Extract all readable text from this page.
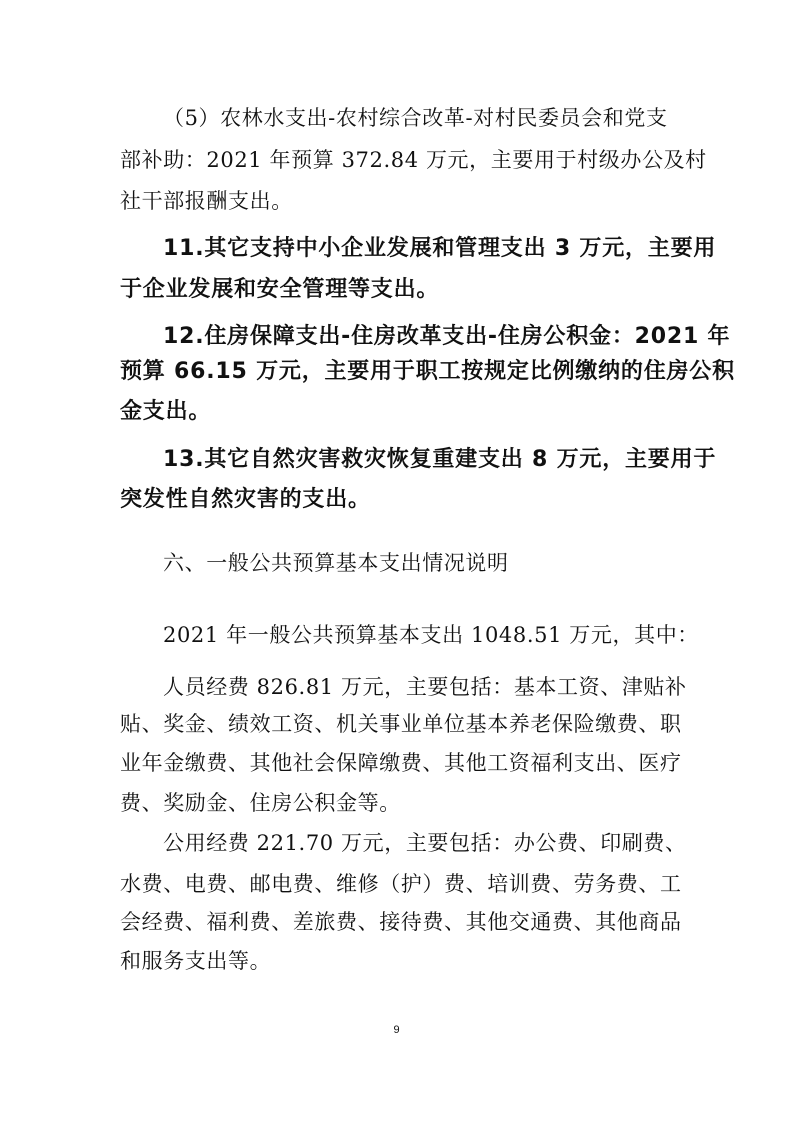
（5）农林水支出-农村综合改革-对村民委员会和党支
部补助：2021 年预算 372.84 万元，主要用于村级办公及村
社干部报酬支出。
11.其它支持中小企业发展和管理支出 3 万元，主要用
于企业发展和安全管理等支出。
12.住房保障支出-住房改革支出-住房公积金：2021 年
预算 66.15 万元，主要用于职工按规定比例缴纳的住房公积
金支出。
13.其它自然灾害救灾恢复重建支出 8 万元，主要用于
突发性自然灾害的支出。
六、一般公共预算基本支出情况说明
2021 年一般公共预算基本支出 1048.51 万元，其中：
人员经费 826.81 万元，主要包括：基本工资、津贴补
贴、奖金、绩效工资、机关事业单位基本养老保险缴费、职
业年金缴费、其他社会保障缴费、其他工资福利支出、医疗
费、奖励金、住房公积金等。
公用经费 221.70 万元，主要包括：办公费、印刷费、
水费、电费、邮电费、维修（护）费、培训费、劳务费、工
会经费、福利费、差旅费、接待费、其他交通费、其他商品
和服务支出等。
9
